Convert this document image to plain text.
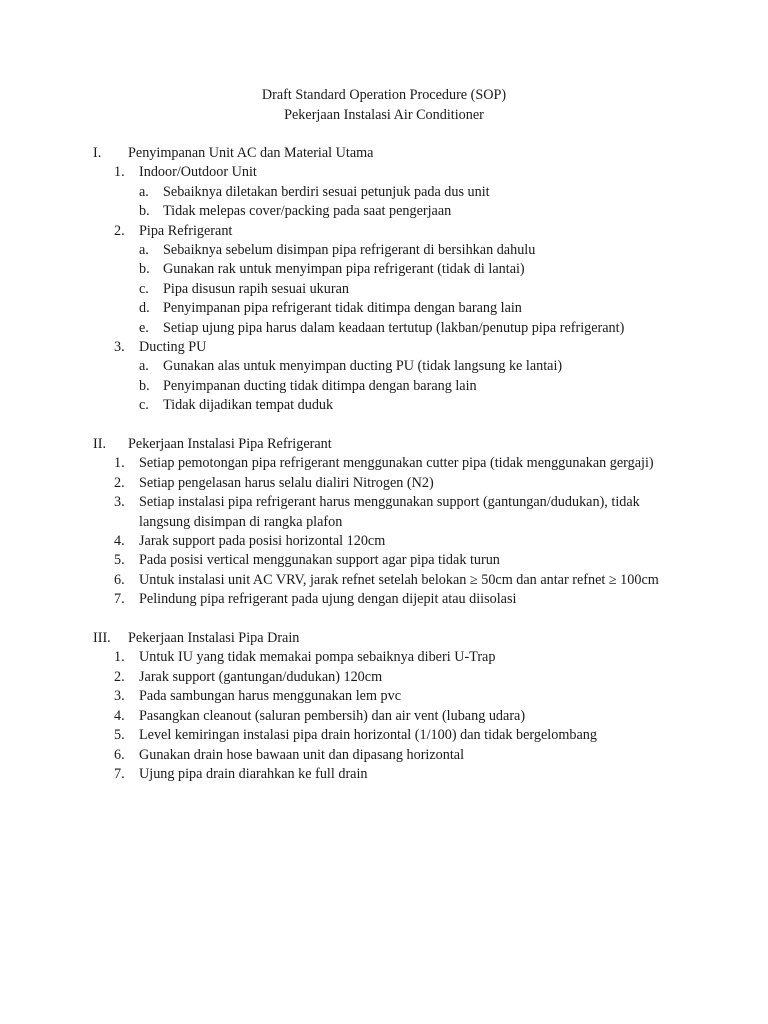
Draft Standard Operation Procedure (SOP)
Pekerjaan Instalasi Air Conditioner
I. Penyimpanan Unit AC dan Material Utama
1. Indoor/Outdoor Unit
a. Sebaiknya diletakan berdiri sesuai petunjuk pada dus unit
b. Tidak melepas cover/packing pada saat pengerjaan
2. Pipa Refrigerant
a. Sebaiknya sebelum disimpan pipa refrigerant di bersihkan dahulu
b. Gunakan rak untuk menyimpan pipa refrigerant (tidak di lantai)
c. Pipa disusun rapih sesuai ukuran
d. Penyimpanan pipa refrigerant tidak ditimpa dengan barang lain
e. Setiap ujung pipa harus dalam keadaan tertutup (lakban/penutup pipa refrigerant)
3. Ducting PU
a. Gunakan alas untuk menyimpan ducting PU (tidak langsung ke lantai)
b. Penyimpanan ducting tidak ditimpa dengan barang lain
c. Tidak dijadikan tempat duduk
II. Pekerjaan Instalasi Pipa Refrigerant
1. Setiap pemotongan pipa refrigerant menggunakan cutter pipa (tidak menggunakan gergaji)
2. Setiap pengelasan harus selalu dialiri Nitrogen (N2)
3. Setiap instalasi pipa refrigerant harus menggunakan support (gantungan/dudukan), tidak langsung disimpan di rangka plafon
4. Jarak support pada posisi horizontal 120cm
5. Pada posisi vertical menggunakan support agar pipa tidak turun
6. Untuk instalasi unit AC VRV, jarak refnet setelah belokan ≥ 50cm dan antar refnet ≥ 100cm
7. Pelindung pipa refrigerant pada ujung dengan dijepit atau diisolasi
III. Pekerjaan Instalasi Pipa Drain
1. Untuk IU yang tidak memakai pompa sebaiknya diberi U-Trap
2. Jarak support (gantungan/dudukan) 120cm
3. Pada sambungan harus menggunakan lem pvc
4. Pasangkan cleanout (saluran pembersih) dan air vent (lubang udara)
5. Level kemiringan instalasi pipa drain horizontal (1/100) dan tidak bergelombang
6. Gunakan drain hose bawaan unit dan dipasang horizontal
7. Ujung pipa drain diarahkan ke full drain
